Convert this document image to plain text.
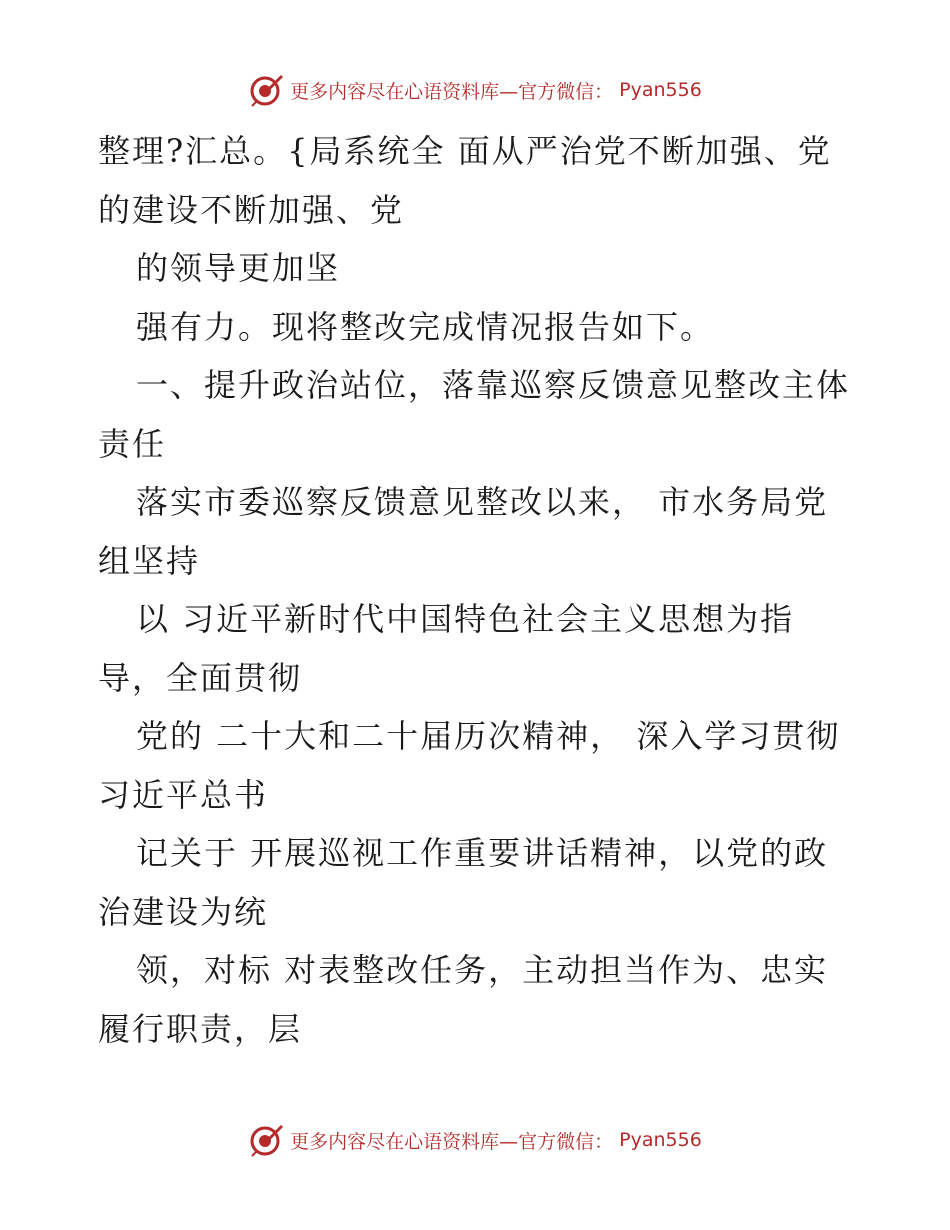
更多内容尽在心语资料库—官方微信： Pyan556
整理?汇总。{局系统全 面从严治党不断加强、党
的建设不断加强、党
的领导更加坚
强有力。现将整改完成情况报告如下。
一、提升政治站位，落靠巡察反馈意见整改主体
责任
落实市委巡察反馈意见整改以来， 市水务局党
组坚持
以 习近平新时代中国特色社会主义思想为指
导，全面贯彻
党的 二十大和二十届历次精神， 深入学习贯彻
习近平总书
记关于 开展巡视工作重要讲话精神，以党的政
治建设为统
领，对标 对表整改任务，主动担当作为、忠实
履行职责，层
更多内容尽在心语资料库—官方微信： Pyan556
